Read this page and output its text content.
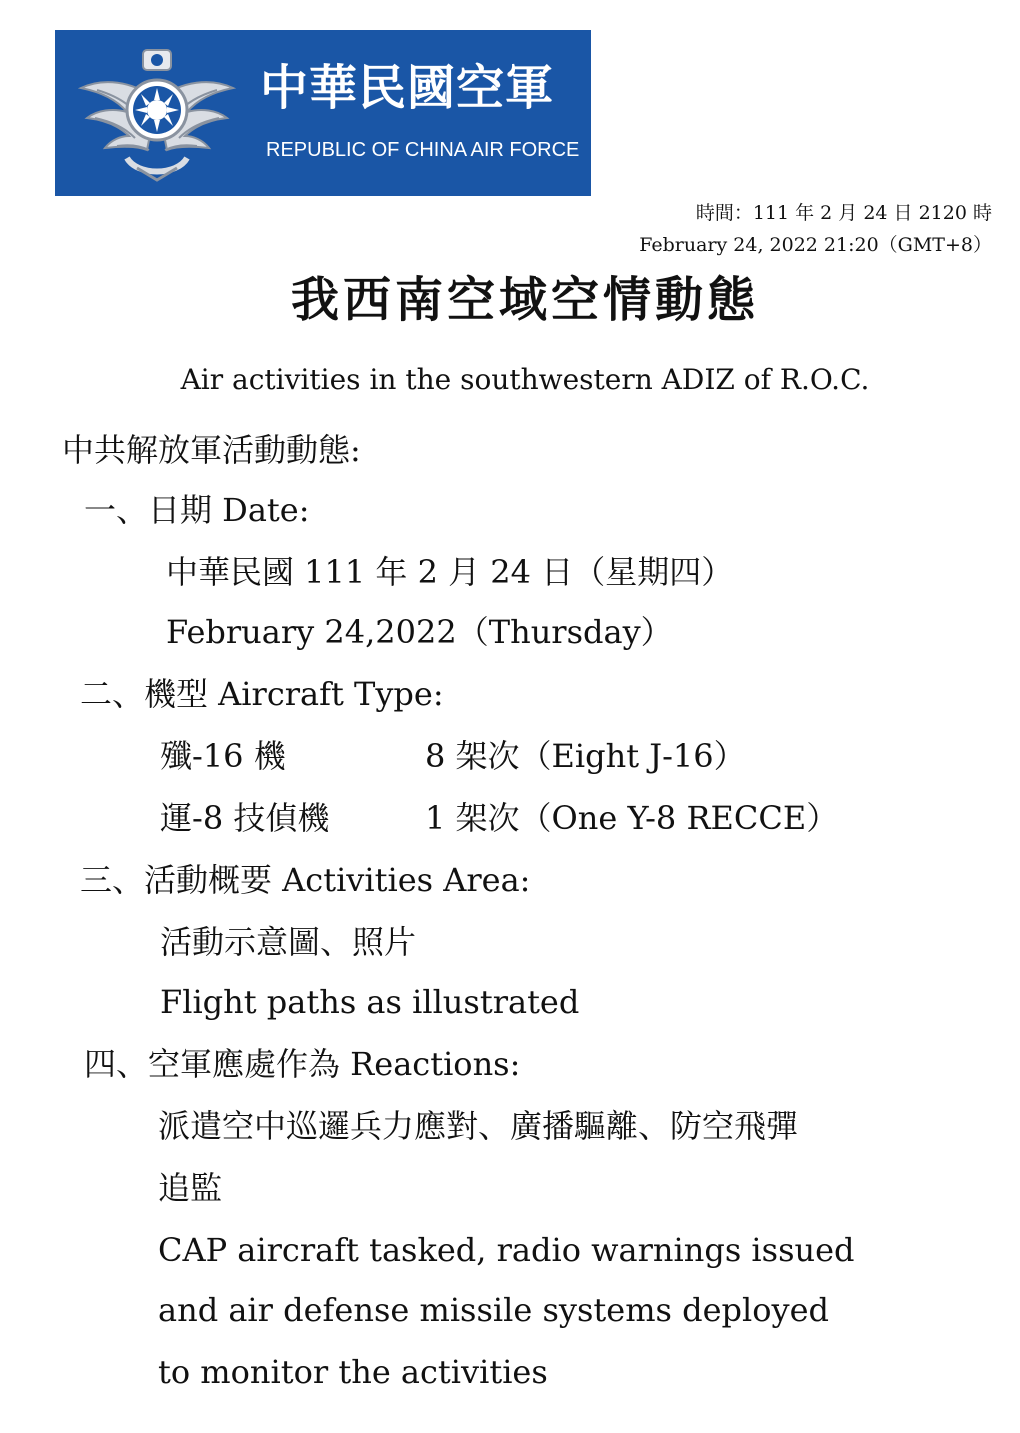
中華民國空軍
REPUBLIC OF CHINA AIR FORCE
時間：111 年 2 月 24 日 2120 時
February 24, 2022 21:20（GMT+8）
我西南空域空情動態
Air activities in the southwestern ADIZ of R.O.C.
中共解放軍活動動態:
一、日期 Date:
中華民國 111 年 2 月 24 日（星期四）
February 24,2022（Thursday）
二、機型 Aircraft Type:
殲-16 機	8 架次（Eight J-16）
運-8 技偵機	1 架次（One Y-8 RECCE）
三、活動概要 Activities Area:
活動示意圖、照片
Flight paths as illustrated
四、空軍應處作為 Reactions:
派遣空中巡邏兵力應對、廣播驅離、防空飛彈
追監
CAP aircraft tasked, radio warnings issued
and air defense missile systems deployed
to monitor the activities
